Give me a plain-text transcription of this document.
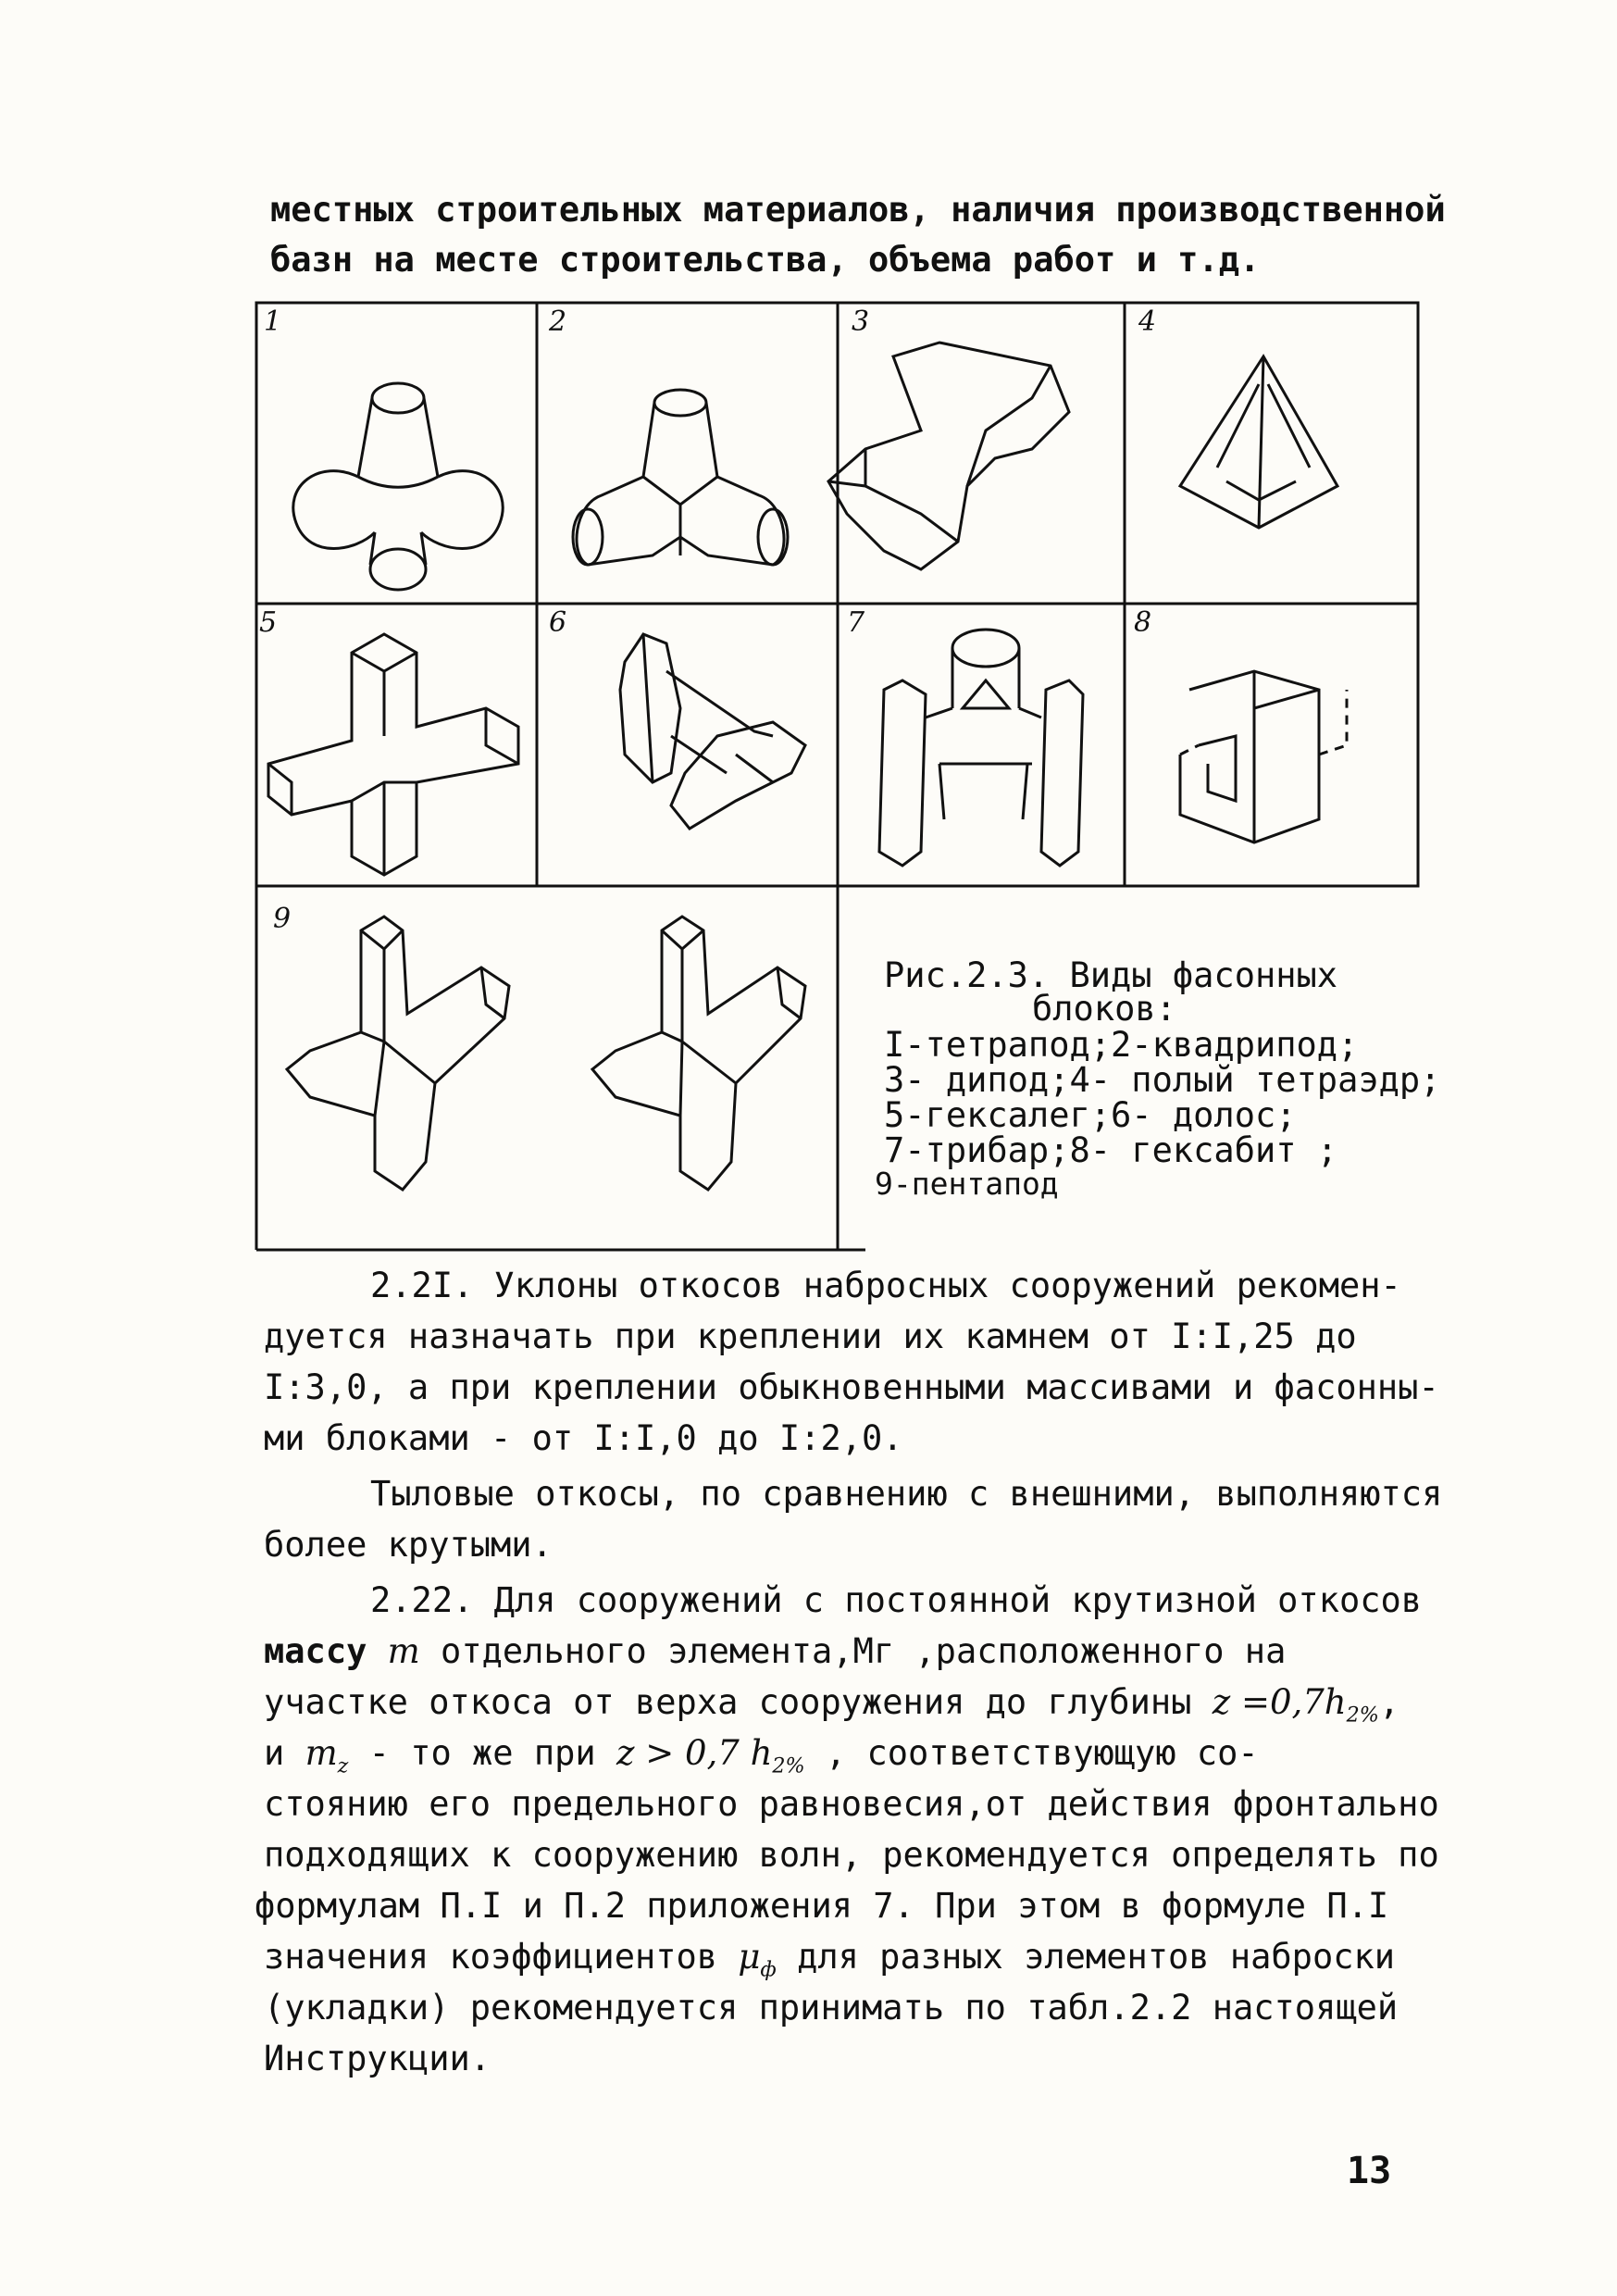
местных строительных материалов, наличия производственной
базн на месте строительства, объема работ и т.д.
1	2	3	4
5	6	7	8
9
Рис.2.3. Виды фасонных
блоков:
I-тетрапод;2-квадрипод;
3- дипод;4- полый тетраэдр;
5-гексалег;6- долос;
7-трибар;8- гексабит ;
9-пентапод
2.2I. Уклоны откосов набросных сооружений рекомен-
дуется назначать при креплении их камнем от I:I,25 до
I:3,0, а при креплении обыкновенными массивами и фасонны-
ми блоками - от I:I,0 до I:2,0.
Тыловые откосы, по сравнению с внешними, выполняются
более крутыми.
2.22. Для сооружений с постоянной крутизной откосов
массу m отдельного элемента,Мг ,расположенного на
участке откоса от верха сооружения до глубины $z =0,7h_{2\%}$,
и $m_z$ - то же при z > 0,7 $h_{2\%}$ , соответствующую со-
стоянию его предельного равновесия,от действия фронтально
подходящих к сооружению волн, рекомендуется определять по
формулам П.I и П.2 приложения 7. При этом в формуле П.I
значения коэффициентов $\mu_ф$ для разных элементов наброски
(укладки) рекомендуется принимать по табл.2.2 настоящей
Инструкции.
13
